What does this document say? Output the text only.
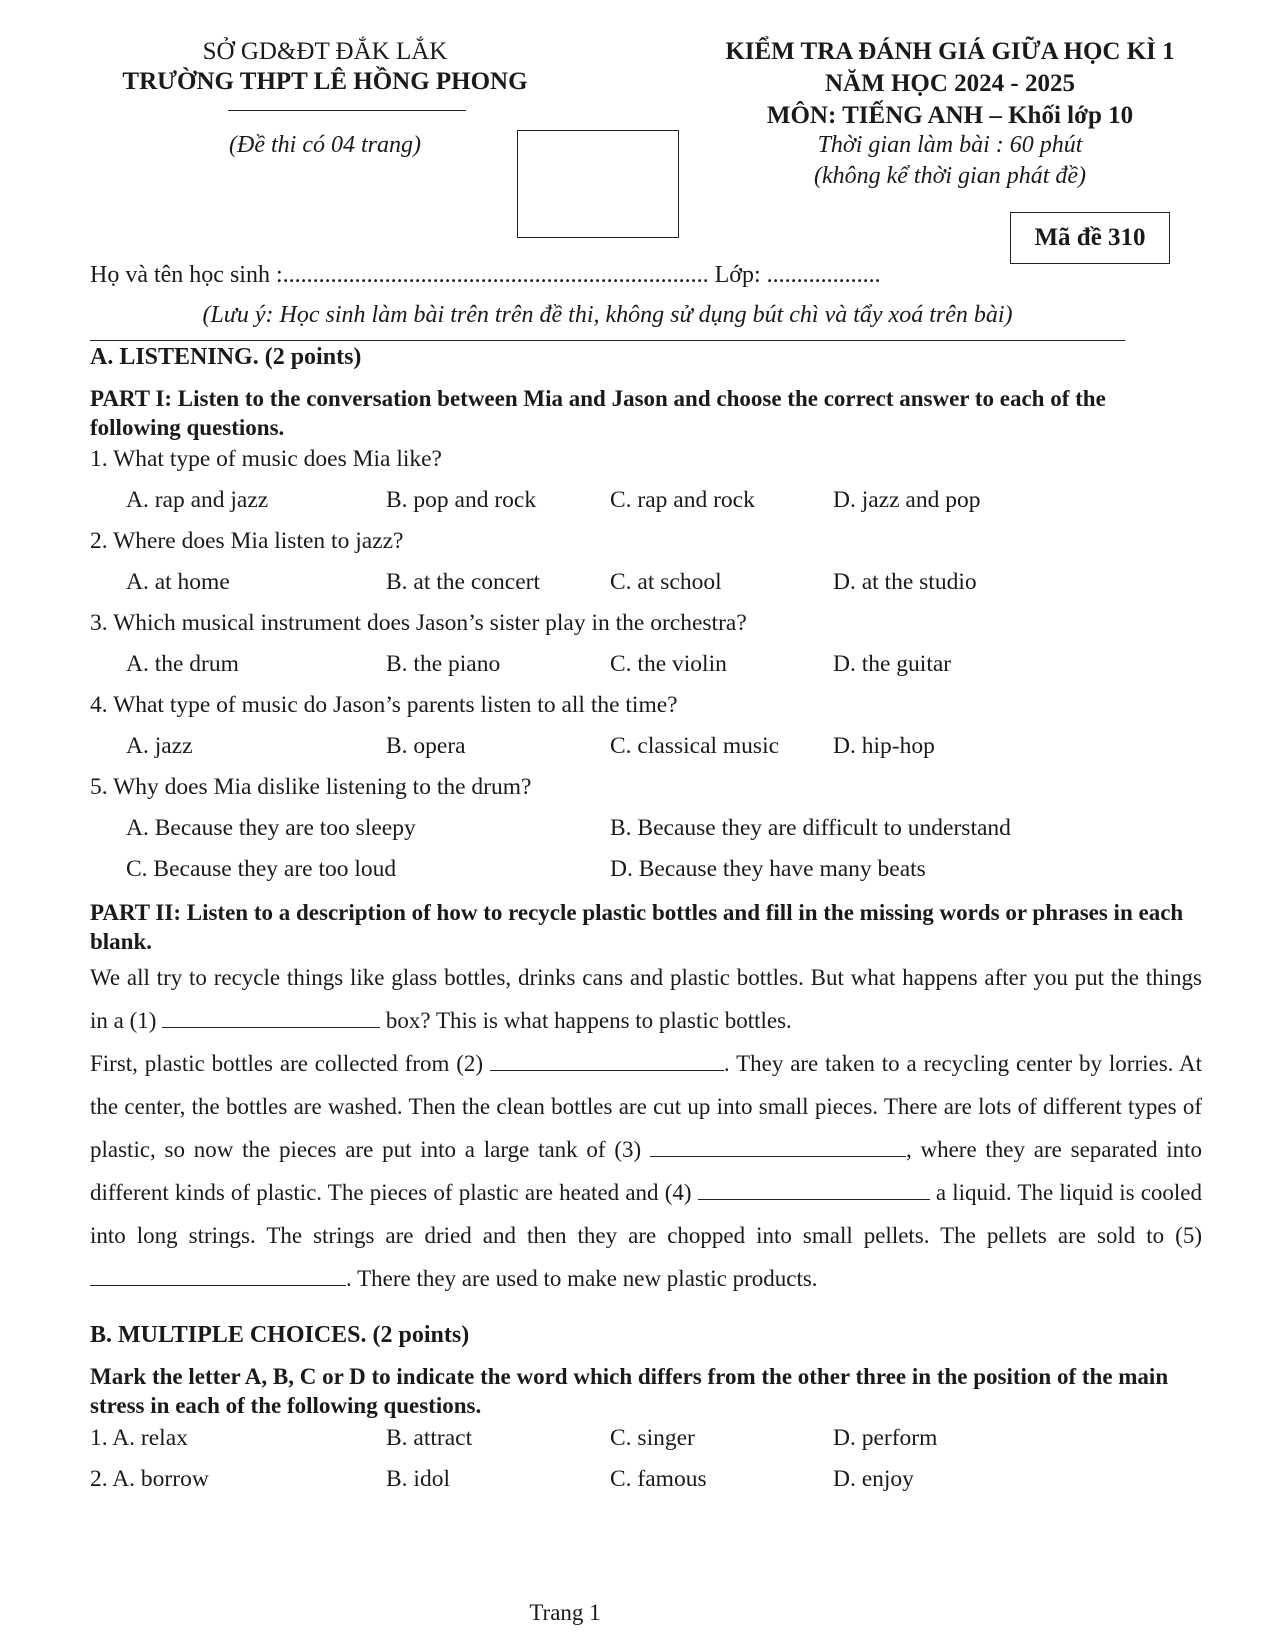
SỞ GD&ĐT ĐẮK LẮK
TRƯỜNG THPT LÊ HỒNG PHONG
(Đề thi có 04 trang)
KIỂM TRA ĐÁNH GIÁ GIỮA HỌC KÌ 1
NĂM HỌC 2024 - 2025
MÔN: TIẾNG ANH – Khối lớp 10
Thời gian làm bài : 60 phút
(không kể thời gian phát đề)
Mã đề 310
Họ và tên học sinh :....................................................................... Lớp: ...................
(Lưu ý: Học sinh làm bài trên trên đề thi, không sử dụng bút chì và tẩy xoá trên bài)
A. LISTENING. (2 points)
PART I: Listen to the conversation between Mia and Jason and choose the correct answer to each of the following questions.
1. What type of music does Mia like?
A. rap and jazz	B. pop and rock	C. rap and rock	D. jazz and pop
2. Where does Mia listen to jazz?
A. at home	B. at the concert	C. at school	D. at the studio
3. Which musical instrument does Jason’s sister play in the orchestra?
A. the drum	B. the piano	C. the violin	D. the guitar
4. What type of music do Jason’s parents listen to all the time?
A. jazz	B. opera	C. classical music D. hip-hop
5. Why does Mia dislike listening to the drum?
A. Because they are too sleepy	B. Because they are difficult to understand
C. Because they are too loud	D. Because they have many beats
PART II: Listen to a description of how to recycle plastic bottles and fill in the missing words or phrases in each blank.

We all try to recycle things like glass bottles, drinks cans and plastic bottles. But what happens after you put the things in a (1)	box? This is what happens to plastic bottles.

First, plastic bottles are collected from (2)	. They are taken to a recycling center by lorries. At the center, the bottles are washed. Then the clean bottles are cut up into small pieces. There are lots of different types of plastic, so now the pieces are put into a large tank of (3)	, where they are separated into different kinds of plastic. The pieces of plastic are heated and (4)	a liquid. The liquid is cooled into long strings. The strings are dried and then they are chopped into small pellets. The pellets are sold to (5) . There they are used to make new plastic products.

B. MULTIPLE CHOICES. (2 points)
Mark the letter A, B, C or D to indicate the word which differs from the other three in the position of the main stress in each of the following questions.
1. A. relax	B. attract	C. singer	D. perform
2. A. borrow	B. idol	C. famous	D. enjoy
Trang 1
